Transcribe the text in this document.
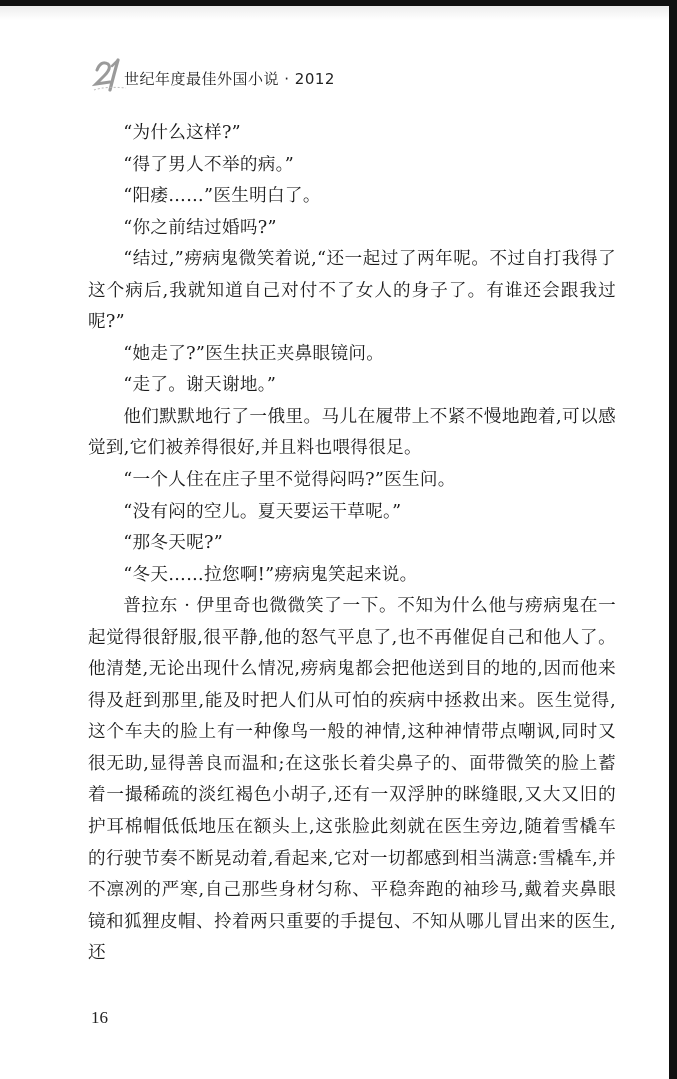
世纪年度最佳外国小说 · 2012

“为什么这样?”

“得了男人不举的病。”

“阳痿……”医生明白了。

“你之前结过婚吗?”

“结过,”痨病鬼微笑着说,“还一起过了两年呢。不过自打我得了这个病后,我就知道自己对付不了女人的身子了。有谁还会跟我过呢?”

“她走了?”医生扶正夹鼻眼镜问。

“走了。谢天谢地。”

他们默默地行了一俄里。马儿在履带上不紧不慢地跑着,可以感觉到,它们被养得很好,并且料也喂得很足。

“一个人住在庄子里不觉得闷吗?”医生问。

“没有闷的空儿。夏天要运干草呢。”

“那冬天呢?”

“冬天……拉您啊!”痨病鬼笑起来说。

普拉东 · 伊里奇也微微笑了一下。不知为什么他与痨病鬼在一起觉得很舒服,很平静,他的怒气平息了,也不再催促自己和他人了。他清楚,无论出现什么情况,痨病鬼都会把他送到目的地的,因而他来得及赶到那里,能及时把人们从可怕的疾病中拯救出来。医生觉得,这个车夫的脸上有一种像鸟一般的神情,这种神情带点嘲讽,同时又很无助,显得善良而温和;在这张长着尖鼻子的、面带微笑的脸上蓄着一撮稀疏的淡红褐色小胡子,还有一双浮肿的眯缝眼,又大又旧的护耳棉帽低低地压在额头上,这张脸此刻就在医生旁边,随着雪橇车的行驶节奏不断晃动着,看起来,它对一切都感到相当满意:雪橇车,并不凛冽的严寒,自己那些身材匀称、平稳奔跑的袖珍马,戴着夹鼻眼镜和狐狸皮帽、拎着两只重要的手提包、不知从哪儿冒出来的医生,还

16
